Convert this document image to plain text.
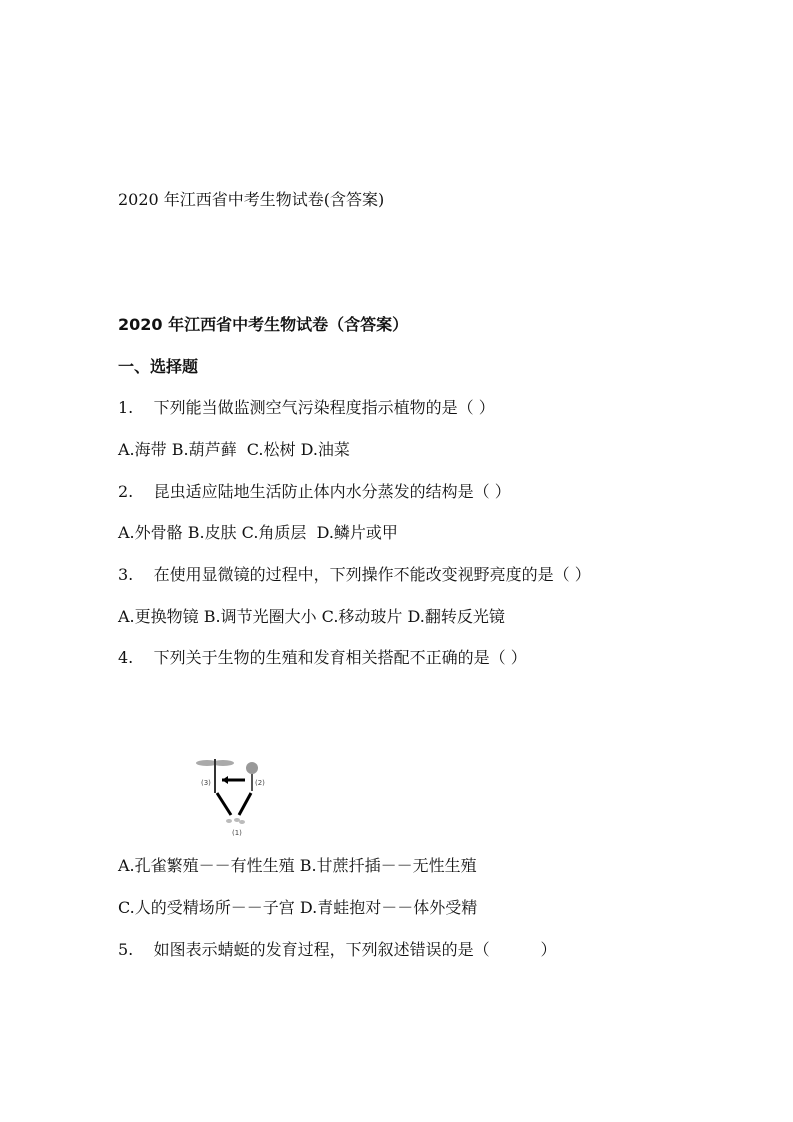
2020 年江西省中考生物试卷(含答案)
2020 年江西省中考生物试卷（含答案）
一、选择题
1.    下列能当做监测空气污染程度指示植物的是（ ）
A.海带 B.葫芦藓  C.松树 D.油菜
2.    昆虫适应陆地生活防止体内水分蒸发的结构是（ ）
A.外骨骼 B.皮肤 C.角质层  D.鳞片或甲
3.    在使用显微镜的过程中，下列操作不能改变视野亮度的是（ ）
A.更换物镜 B.调节光圈大小 C.移动玻片 D.翻转反光镜
4.    下列关于生物的生殖和发育相关搭配不正确的是（ ）
(3)	(2)
(1)
A.孔雀繁殖－－有性生殖 B.甘蔗扦插－－无性生殖
C.人的受精场所－－子宫 D.青蛙抱对－－体外受精
5.    如图表示蜻蜓的发育过程，下列叙述错误的是（          ）
